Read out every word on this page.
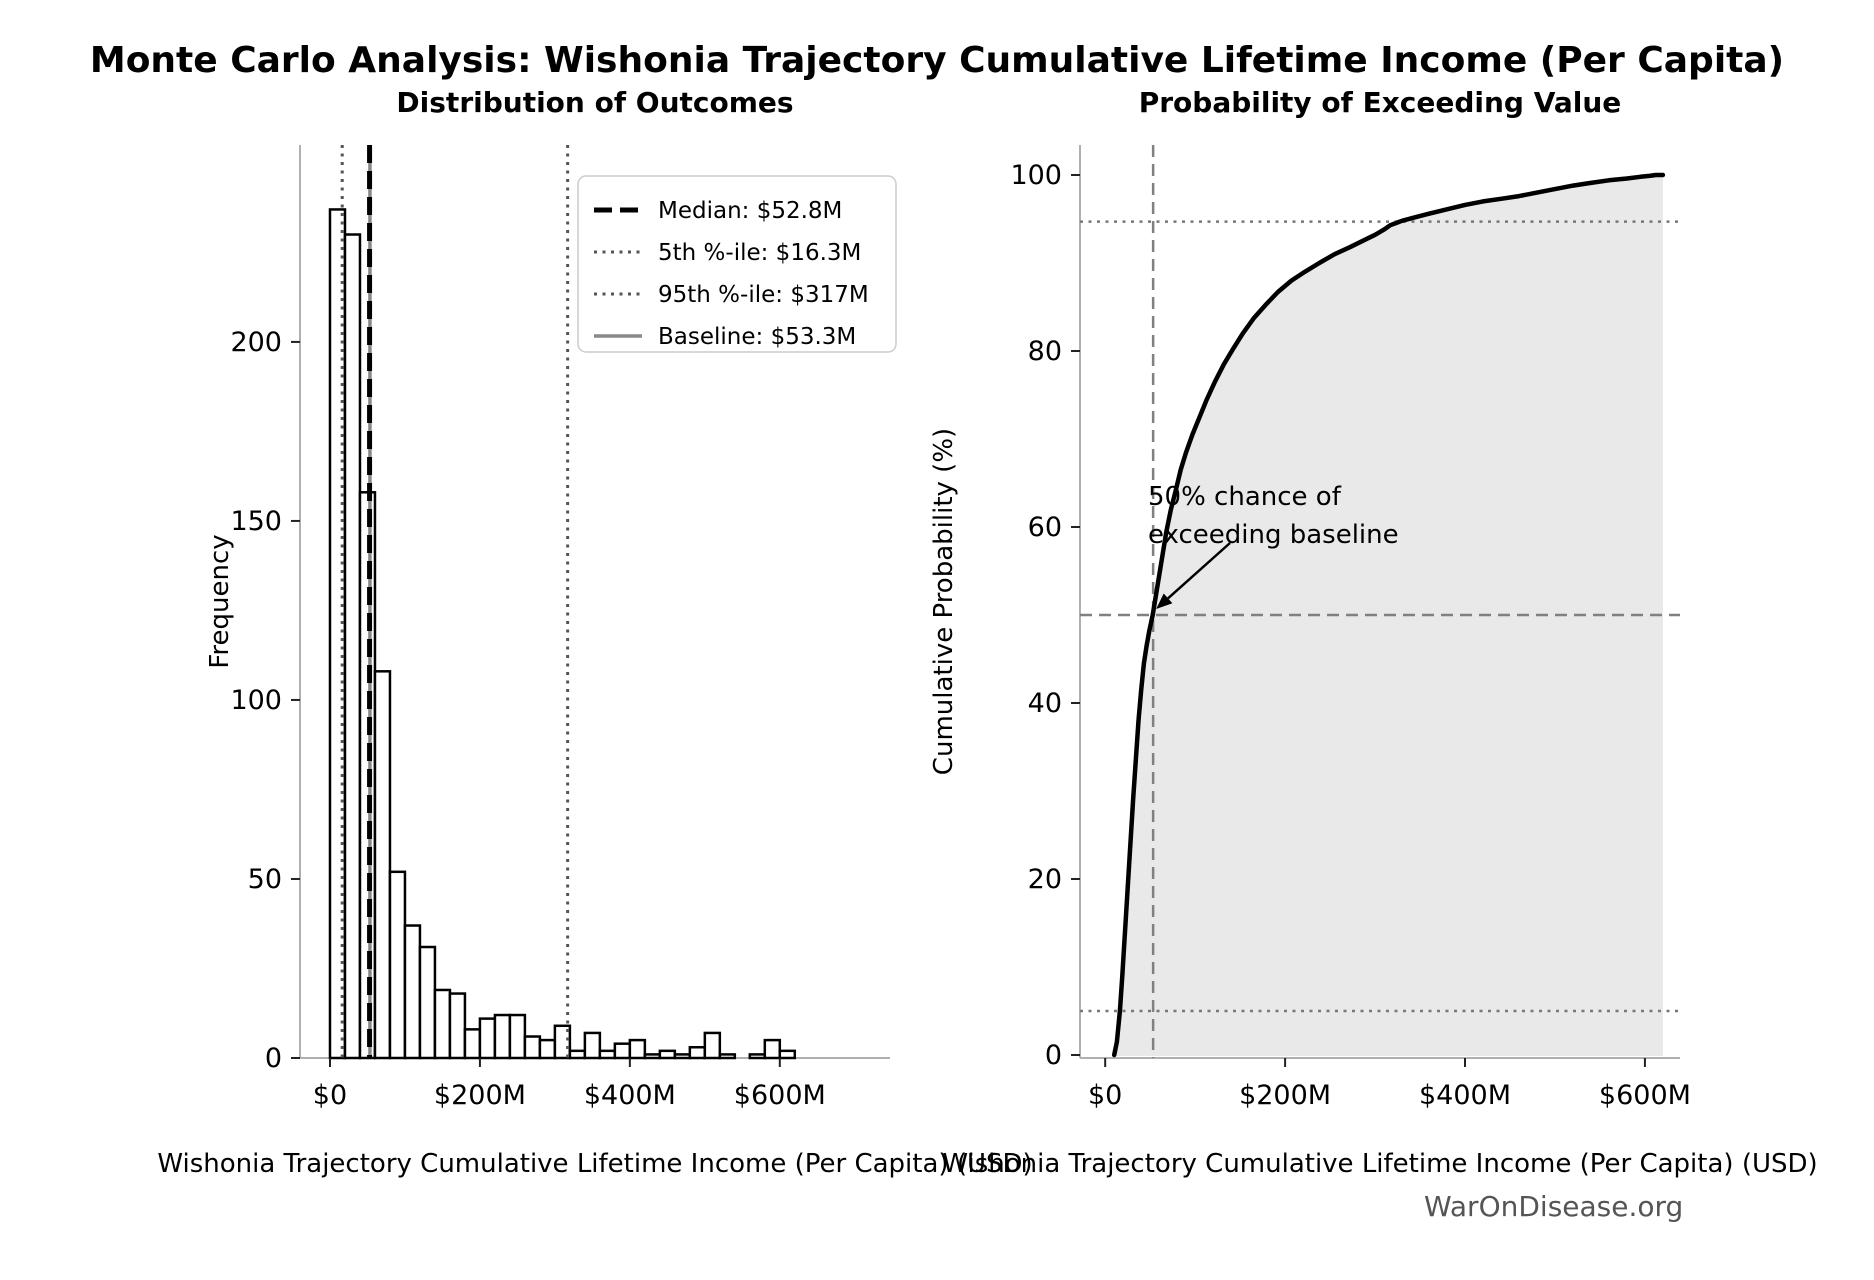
Monte Carlo Analysis: Wishonia Trajectory Cumulative Lifetime Income (Per Capita)
$0	$200M $400M $600M
0
50
100
150
200
Distribution of Outcomes
Wishonia Trajectory Cumulative Lifetime Income (Per Capita) (USD)
Frequency
Median: $52.8M
5th %-ile: $16.3M
95th %-ile: $317M
Baseline: $53.3M
$0	$200M	$400M	$600M
0
20
40
60
80
100
Probability of Exceeding Value
Wishonia Trajectory Cumulative Lifetime Income (Per Capita) (USD)
Cumulative Probability (%)	50% chance of
exceeding baseline
WarOnDisease.org
